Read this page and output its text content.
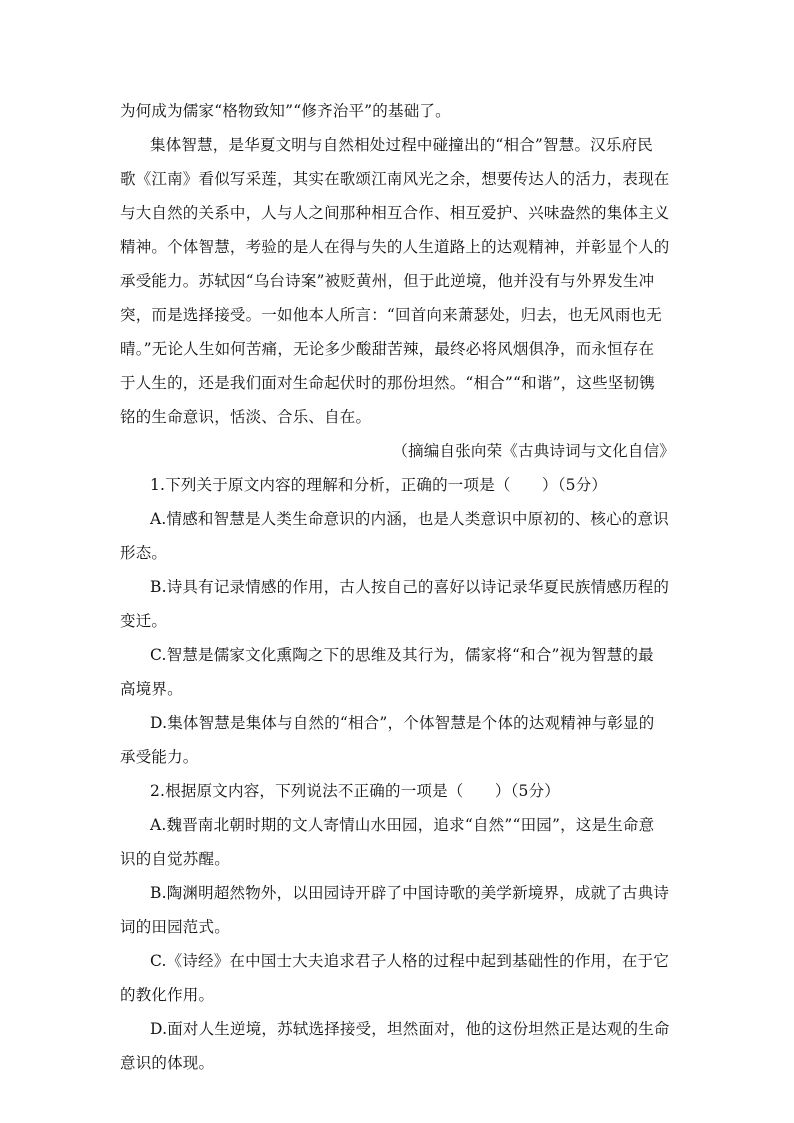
为何成为儒家“格物致知”“修齐治平”的基础了。
集体智慧，是华夏文明与自然相处过程中碰撞出的“相合”智慧。汉乐府民
歌《江南》看似写采莲，其实在歌颂江南风光之余，想要传达人的活力，表现在
与大自然的关系中，人与人之间那种相互合作、相互爱护、兴味盎然的集体主义
精神。个体智慧，考验的是人在得与失的人生道路上的达观精神，并彰显个人的
承受能力。苏轼因“乌台诗案”被贬黄州，但于此逆境，他并没有与外界发生冲
突，而是选择接受。一如他本人所言：“回首向来萧瑟处，归去，也无风雨也无
晴。”无论人生如何苦痛，无论多少酸甜苦辣，最终必将风烟俱净，而永恒存在
于人生的，还是我们面对生命起伏时的那份坦然。“相合”“和谐”，这些坚韧镌
铭的生命意识，恬淡、合乐、自在。
（摘编自张向荣《古典诗词与文化自信》
1.下列关于原文内容的理解和分析，正确的一项是（　　）（5分）
A.情感和智慧是人类生命意识的内涵，也是人类意识中原初的、核心的意识
形态。
B.诗具有记录情感的作用，古人按自己的喜好以诗记录华夏民族情感历程的
变迁。
C.智慧是儒家文化熏陶之下的思维及其行为，儒家将“和合”视为智慧的最
高境界。
D.集体智慧是集体与自然的“相合”，个体智慧是个体的达观精神与彰显的
承受能力。
2.根据原文内容，下列说法不正确的一项是（　　）（5分）
A.魏晋南北朝时期的文人寄情山水田园，追求“自然”“田园”，这是生命意
识的自觉苏醒。
B.陶渊明超然物外，以田园诗开辟了中国诗歌的美学新境界，成就了古典诗
词的田园范式。
C.《诗经》在中国士大夫追求君子人格的过程中起到基础性的作用，在于它
的教化作用。
D.面对人生逆境，苏轼选择接受，坦然面对，他的这份坦然正是达观的生命
意识的体现。
